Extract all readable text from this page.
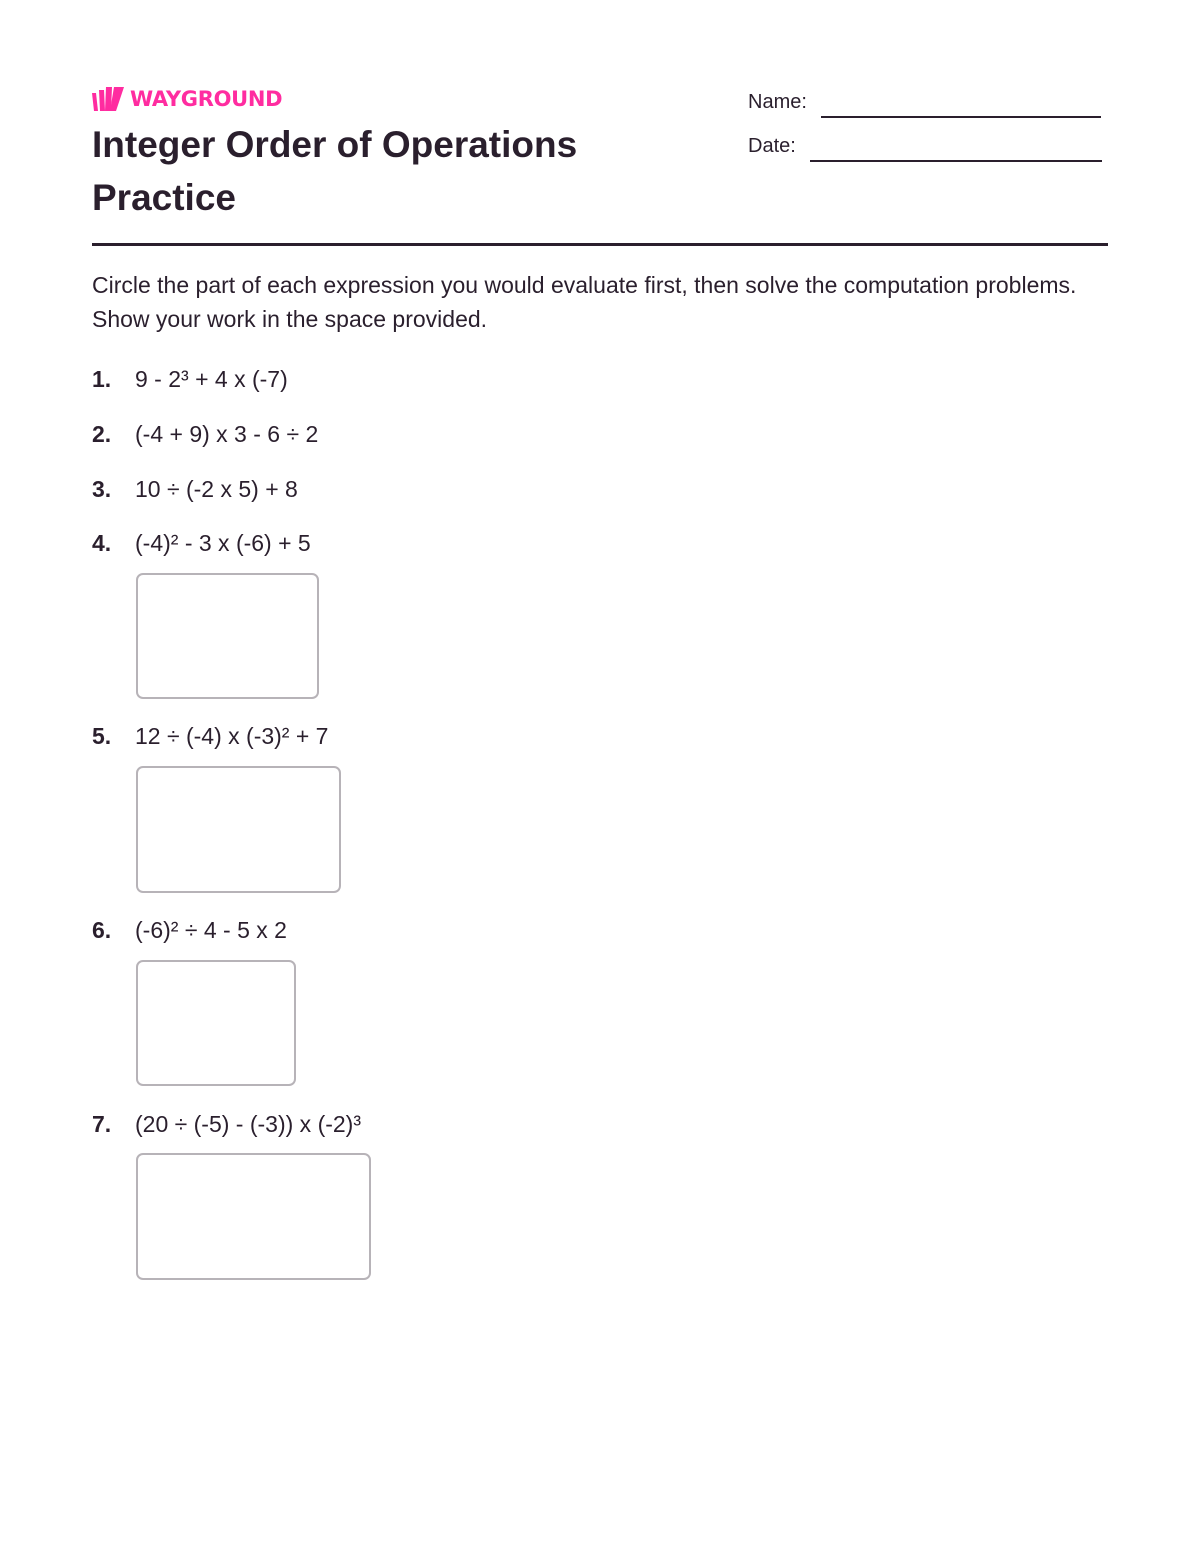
WAYGROUND
Integer Order of Operations Practice
Name:
Date:

Circle the part of each expression you would evaluate first, then solve the computation problems. Show your work in the space provided.

1.	9 - 2³ + 4 x (-7)
2.	(-4 + 9) x 3 - 6 ÷ 2
3.	10 ÷ (-2 x 5) + 8
4.	(-4)² - 3 x (-6) + 5
5.	12 ÷ (-4) x (-3)² + 7
6.	(-6)² ÷ 4 - 5 x 2
7.	(20 ÷ (-5) - (-3)) x (-2)³
